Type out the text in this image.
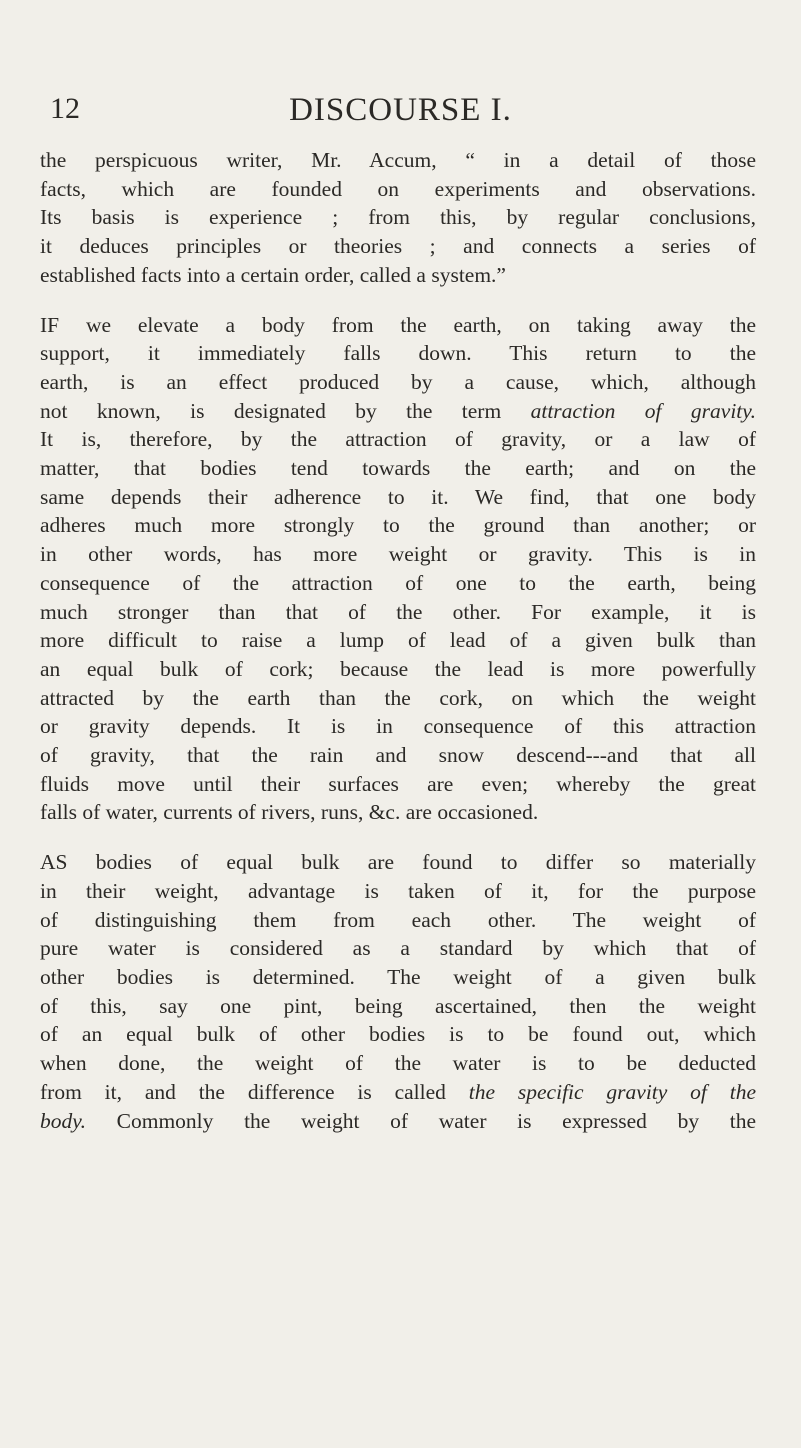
12	DISCOURSE I.

the perspicuous writer, Mr. Accum, “ in a detail of those
facts, which are founded on experiments and observations.
Its basis is experience ; from this, by regular conclusions,
it deduces principles or theories ; and connects a series of
established facts into a certain order, called a system.”

IF we elevate a body from the earth, on taking away the
support, it immediately falls down. This return to the
earth, is an effect produced by a cause, which, although
not known, is designated by the term attraction of gravity.
It is, therefore, by the attraction of gravity, or a law of
matter, that bodies tend towards the earth; and on the
same depends their adherence to it. We find, that one body
adheres much more strongly to the ground than another; or
in other words, has more weight or gravity. This is in
consequence of the attraction of one to the earth, being
much stronger than that of the other. For example, it is
more difficult to raise a lump of lead of a given bulk than
an equal bulk of cork; because the lead is more powerfully
attracted by the earth than the cork, on which the weight
or gravity depends. It is in consequence of this attraction
of gravity, that the rain and snow descend---and that all
fluids move until their surfaces are even; whereby the great
falls of water, currents of rivers, runs, &c. are occasioned.

AS bodies of equal bulk are found to differ so materially
in their weight, advantage is taken of it, for the purpose
of distinguishing them from each other. The weight of
pure water is considered as a standard by which that of
other bodies is determined. The weight of a given bulk
of this, say one pint, being ascertained, then the weight
of an equal bulk of other bodies is to be found out, which
when done, the weight of the water is to be deducted
from it, and the difference is called the specific gravity of the
body. Commonly the weight of water is expressed by the
